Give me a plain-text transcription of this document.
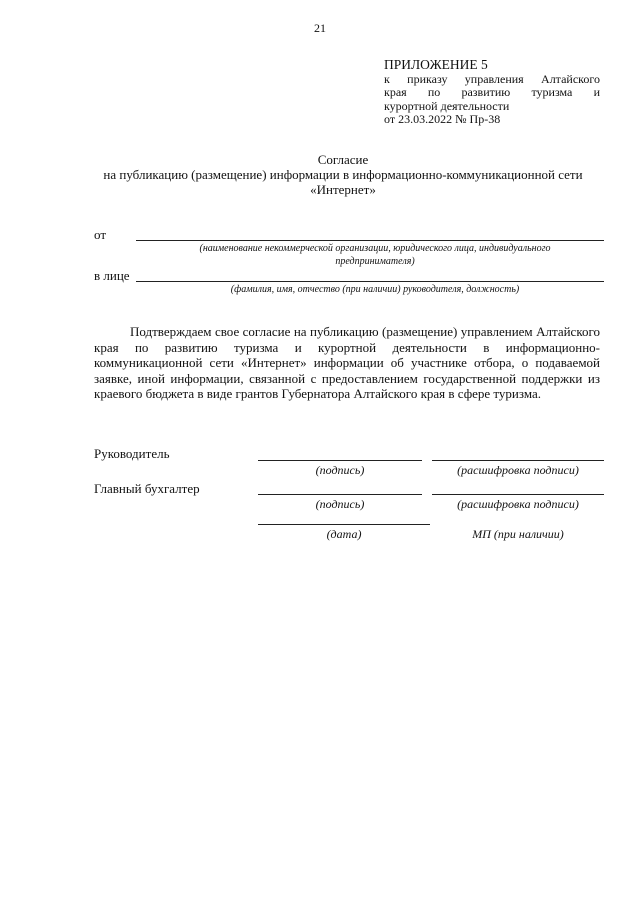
21
ПРИЛОЖЕНИЕ 5
к приказу управления Алтайского
края по развитию туризма и
курортной деятельности
от 23.03.2022 № Пр-38
Согласие
на публикацию (размещение) информации в информационно-коммуникационной сети
«Интернет»
от
(наименование некоммерческой организации, юридического лица, индивидуального
предпринимателя)
в лице
(фамилия, имя, отчество (при наличии) руководителя, должность)
Подтверждаем свое согласие на публикацию (размещение) управлением Алтайского края по развитию туризма и курортной деятельности в информационно-коммуникационной сети «Интернет» информации об участнике отбора, о подаваемой заявке, иной информации, связанной с предоставлением государственной поддержки из краевого бюджета в виде грантов Губернатора Алтайского края в сфере туризма.
Руководитель
(подпись)	(расшифровка подписи)
Главный бухгалтер
(подпись)	(расшифровка подписи)
(дата)	МП (при наличии)
